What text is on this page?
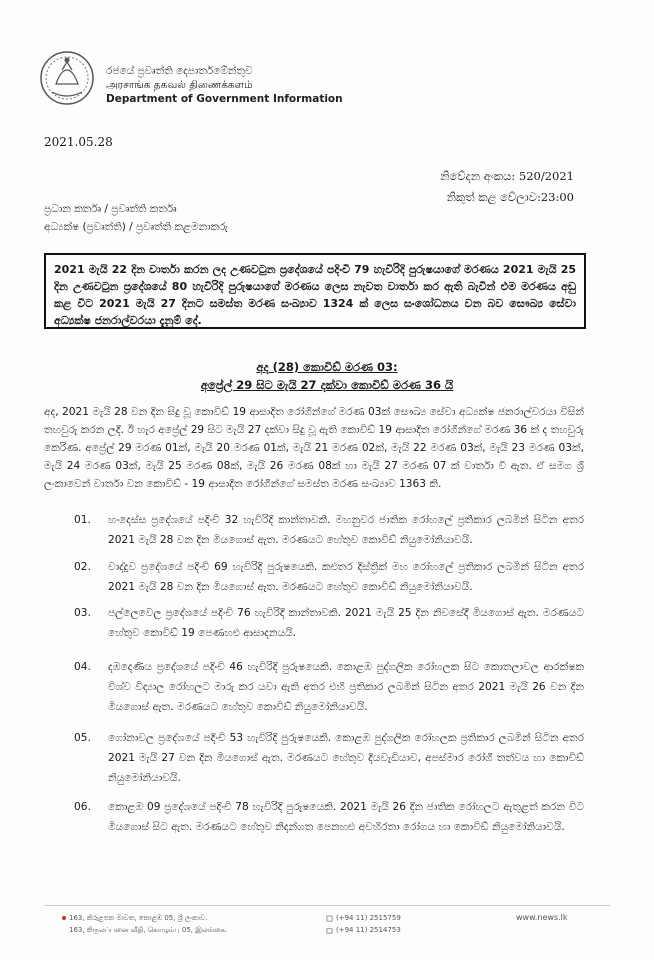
රජයේ ප්‍රවෘත්ති දෙපාර්තමේන්තුව
அரசாங்க தகவல் திணைக்களம்
Department of Government Information
2021.05.28
නිවේදන අංකය: 520/2021
නිකුත් කළ වේලාව:23:00
ප්‍රධාන කර්තෘ / ප්‍රවෘත්ති කර්තෘ
අධ්‍යක්ෂ (ප්‍රවෘත්ති) / ප්‍රවෘත්ති කළමනාකරු
2021 මැයි 22 දින වාර්තා කරන ලද උණවටුන ප්‍රදේශයේ පදිංචි 79 හැවිරිදි පුරුෂයාගේ මරණය 2021 මැයි 25 දින උණවටුන ප්‍රදේශයේ 80 හැවිරිදි පුරුෂයාගේ මරණය ලෙස නැවත වාර්තා කර ඇති බැවින් එම මරණය අඩු කළ විට 2021 මැයි 27 දිනට සමස්ත මරණ සංඛ්‍යාව 1324 ක් ලෙස සංශෝධනය වන බව සෞඛ්‍ය සේවා අධ්‍යක්ෂ ජනරාල්වරයා දැනුම් දේ.
අද (28) කොවිඩ් මරණ 03:
අප්‍රේල් 29 සිට මැයි 27 දක්වා කොවිඩ් මරණ 36 යි
අද, 2021 මැයි 28 වන දින සිදු වූ කොවිඩ් 19 ආසාදිත රෝගීන්ගේ මරණ 03ක් සෞඛ්‍ය සේවා අධ්‍යක්ෂ ජනරාල්වරයා විසින් තහවුරු කරන ලදී. ඊ හැර අප්‍රේල් 29 සිට මැයි 27 දක්වා සිදු වූ ඇති කොවිඩ් 19 ආසාදිත රෝගීන්ගේ මරණ 36 ක් ද තහවුරු කෙරිණ. අප්‍රේල් 29 මරණ 01ක්, මැයි 20 මරණ 01ක්, මැයි 21 මරණ 02ක්, මැයි 22 මරණ 03ක්, මැයි 23 මරණ 03ක්, මැයි 24 මරණ 03ක්, මැයි 25 මරණ 08ක්, මැයි 26 මරණ 08ක් හා මැයි 27 මරණ 07 ක් වාර්තා වී ඇත. ඒ සමග ශ්‍රී ලංකාවෙන් වාර්තා වන කොවිඩ් - 19 ආසාදිත රෝගීන්ගේ සමස්ත මරණ සංඛ්‍යාව 1363 කි.
01.	හංදෙස්ස ප්‍රදේශයේ පදිංචි 32 හැවිරිදි කාන්තාවකි. මහනුවර ජාතික රෝහලේ ප්‍රතිකාර ලබමින් සිටින අතර 2021 මැයි 28 වන දින මියගොස් ඇත. මරණයට හේතුව කොවිඩ් නියුමෝනියාවයි.
02.	වාද්දුව ප්‍රදේශයේ පදිංචි 69 හැවිරිදි පුරුෂයෙකි. කළුතර දිස්ත්‍රික් මහ රෝහලේ ප්‍රතිකාර ලබමින් සිටින අතර 2021 මැයි 28 වන දින මියගොස් ඇත. මරණයට හේතුව කොවිඩ් නියුමෝනියාවයි.
03.	පල්ලෙවෙල ප්‍රදේශයේ පදිංචි 76 හැවිරිදි කාන්තාවකි. 2021 මැයි 25 දින නිවසේදී මියගොස් ඇත. මරණයට හේතුව කොවිඩ් 19 පෙණහළු ආසාදනයයි.
04.	දඹදෙණිය ප්‍රදේශයේ පදිංචි 46 හැවිරිදි පුරුෂයෙකි. කොළඹ පුද්ගලික රෝහලක සිට කොතලාවල ආරක්ෂක විශ්ව විද්‍යාල රෝහලට මාරු කර යවා ඇති අතර එහි ප්‍රතිකාර ලබමින් සිටින අතර 2021 මැයි 26 වන දින මියගොස් ඇත. මරණයට හේතුව කොවිඩ් නියුමෝනියාවයි.
05.	ගෝනාවල ප්‍රදේශයේ පදිංචි 53 හැවිරිදි පුරුෂයෙකි. කොළඹ පුද්ගලික රෝහලක ප්‍රතිකාර ලබමින් සිටින අතර 2021 මැයි 27 වන දින මියගොස් ඇත. මරණයට හේතුව දියවැඩියාව, අපස්මාර රෝගී තත්වය හා කොවිඩ් නියුමෝනියාවයි.
06.	කොළඹ 09 ප්‍රදේශයේ පදිංචි 78 හැවිරිදි පුරුෂයෙකි. 2021 මැයි 26 දින ජාතික රෝහලට ඇතුළත් කරන විට මියගොස් සිට ඇත. මරණයට හේතුව නිදන්ගත පෙනහළු අවහිරතා රෝගය හා කොවිඩ් නියුමෝනියාවයි.
163, කිරුළපන මාවත, කොළඹ 05, ශ්‍රී ලංකාව.
163, කිருலப்பனை வீதி, கொழும்பு 05, இலங்கை.
(+94 11) 2515759
(+94 11) 2514753
www.news.lk
